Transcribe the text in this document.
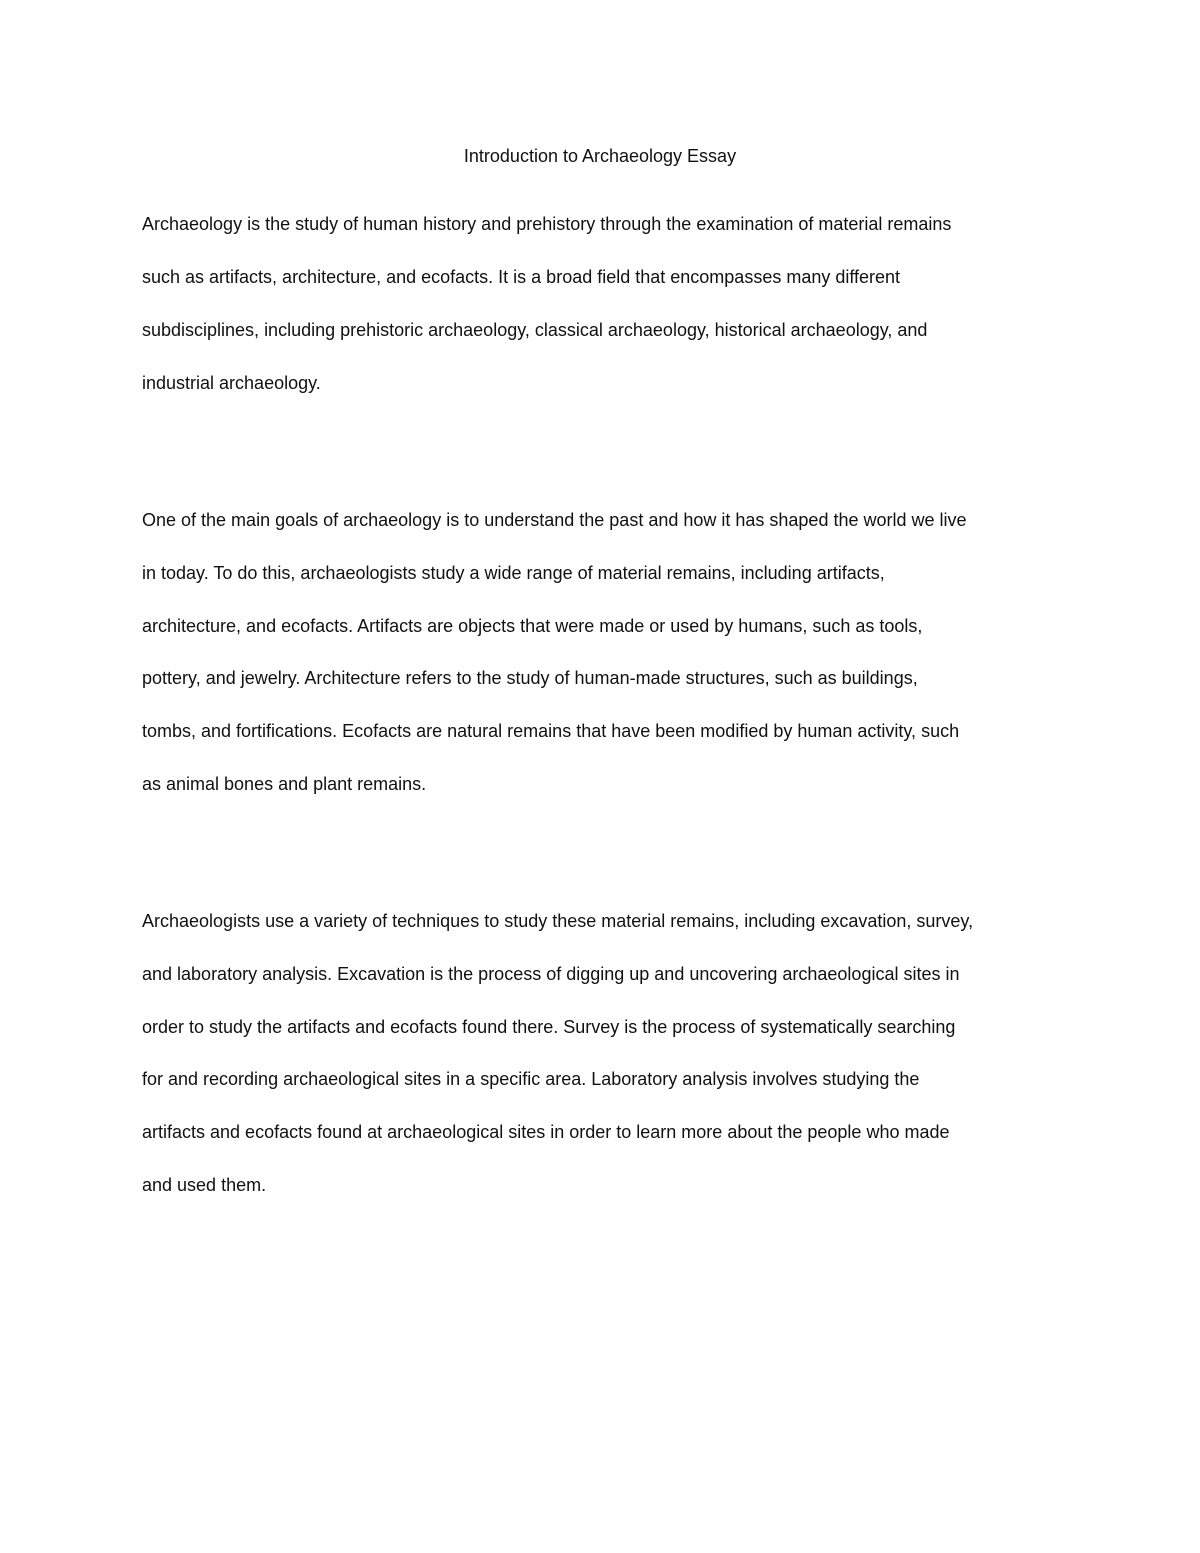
Introduction to Archaeology Essay

Archaeology is the study of human history and prehistory through the examination of material remains

such as artifacts, architecture, and ecofacts. It is a broad field that encompasses many different

subdisciplines, including prehistoric archaeology, classical archaeology, historical archaeology, and

industrial archaeology.

One of the main goals of archaeology is to understand the past and how it has shaped the world we live

in today. To do this, archaeologists study a wide range of material remains, including artifacts,

architecture, and ecofacts. Artifacts are objects that were made or used by humans, such as tools,

pottery, and jewelry. Architecture refers to the study of human-made structures, such as buildings,

tombs, and fortifications. Ecofacts are natural remains that have been modified by human activity, such

as animal bones and plant remains.

Archaeologists use a variety of techniques to study these material remains, including excavation, survey,

and laboratory analysis. Excavation is the process of digging up and uncovering archaeological sites in

order to study the artifacts and ecofacts found there. Survey is the process of systematically searching

for and recording archaeological sites in a specific area. Laboratory analysis involves studying the

artifacts and ecofacts found at archaeological sites in order to learn more about the people who made

and used them.
